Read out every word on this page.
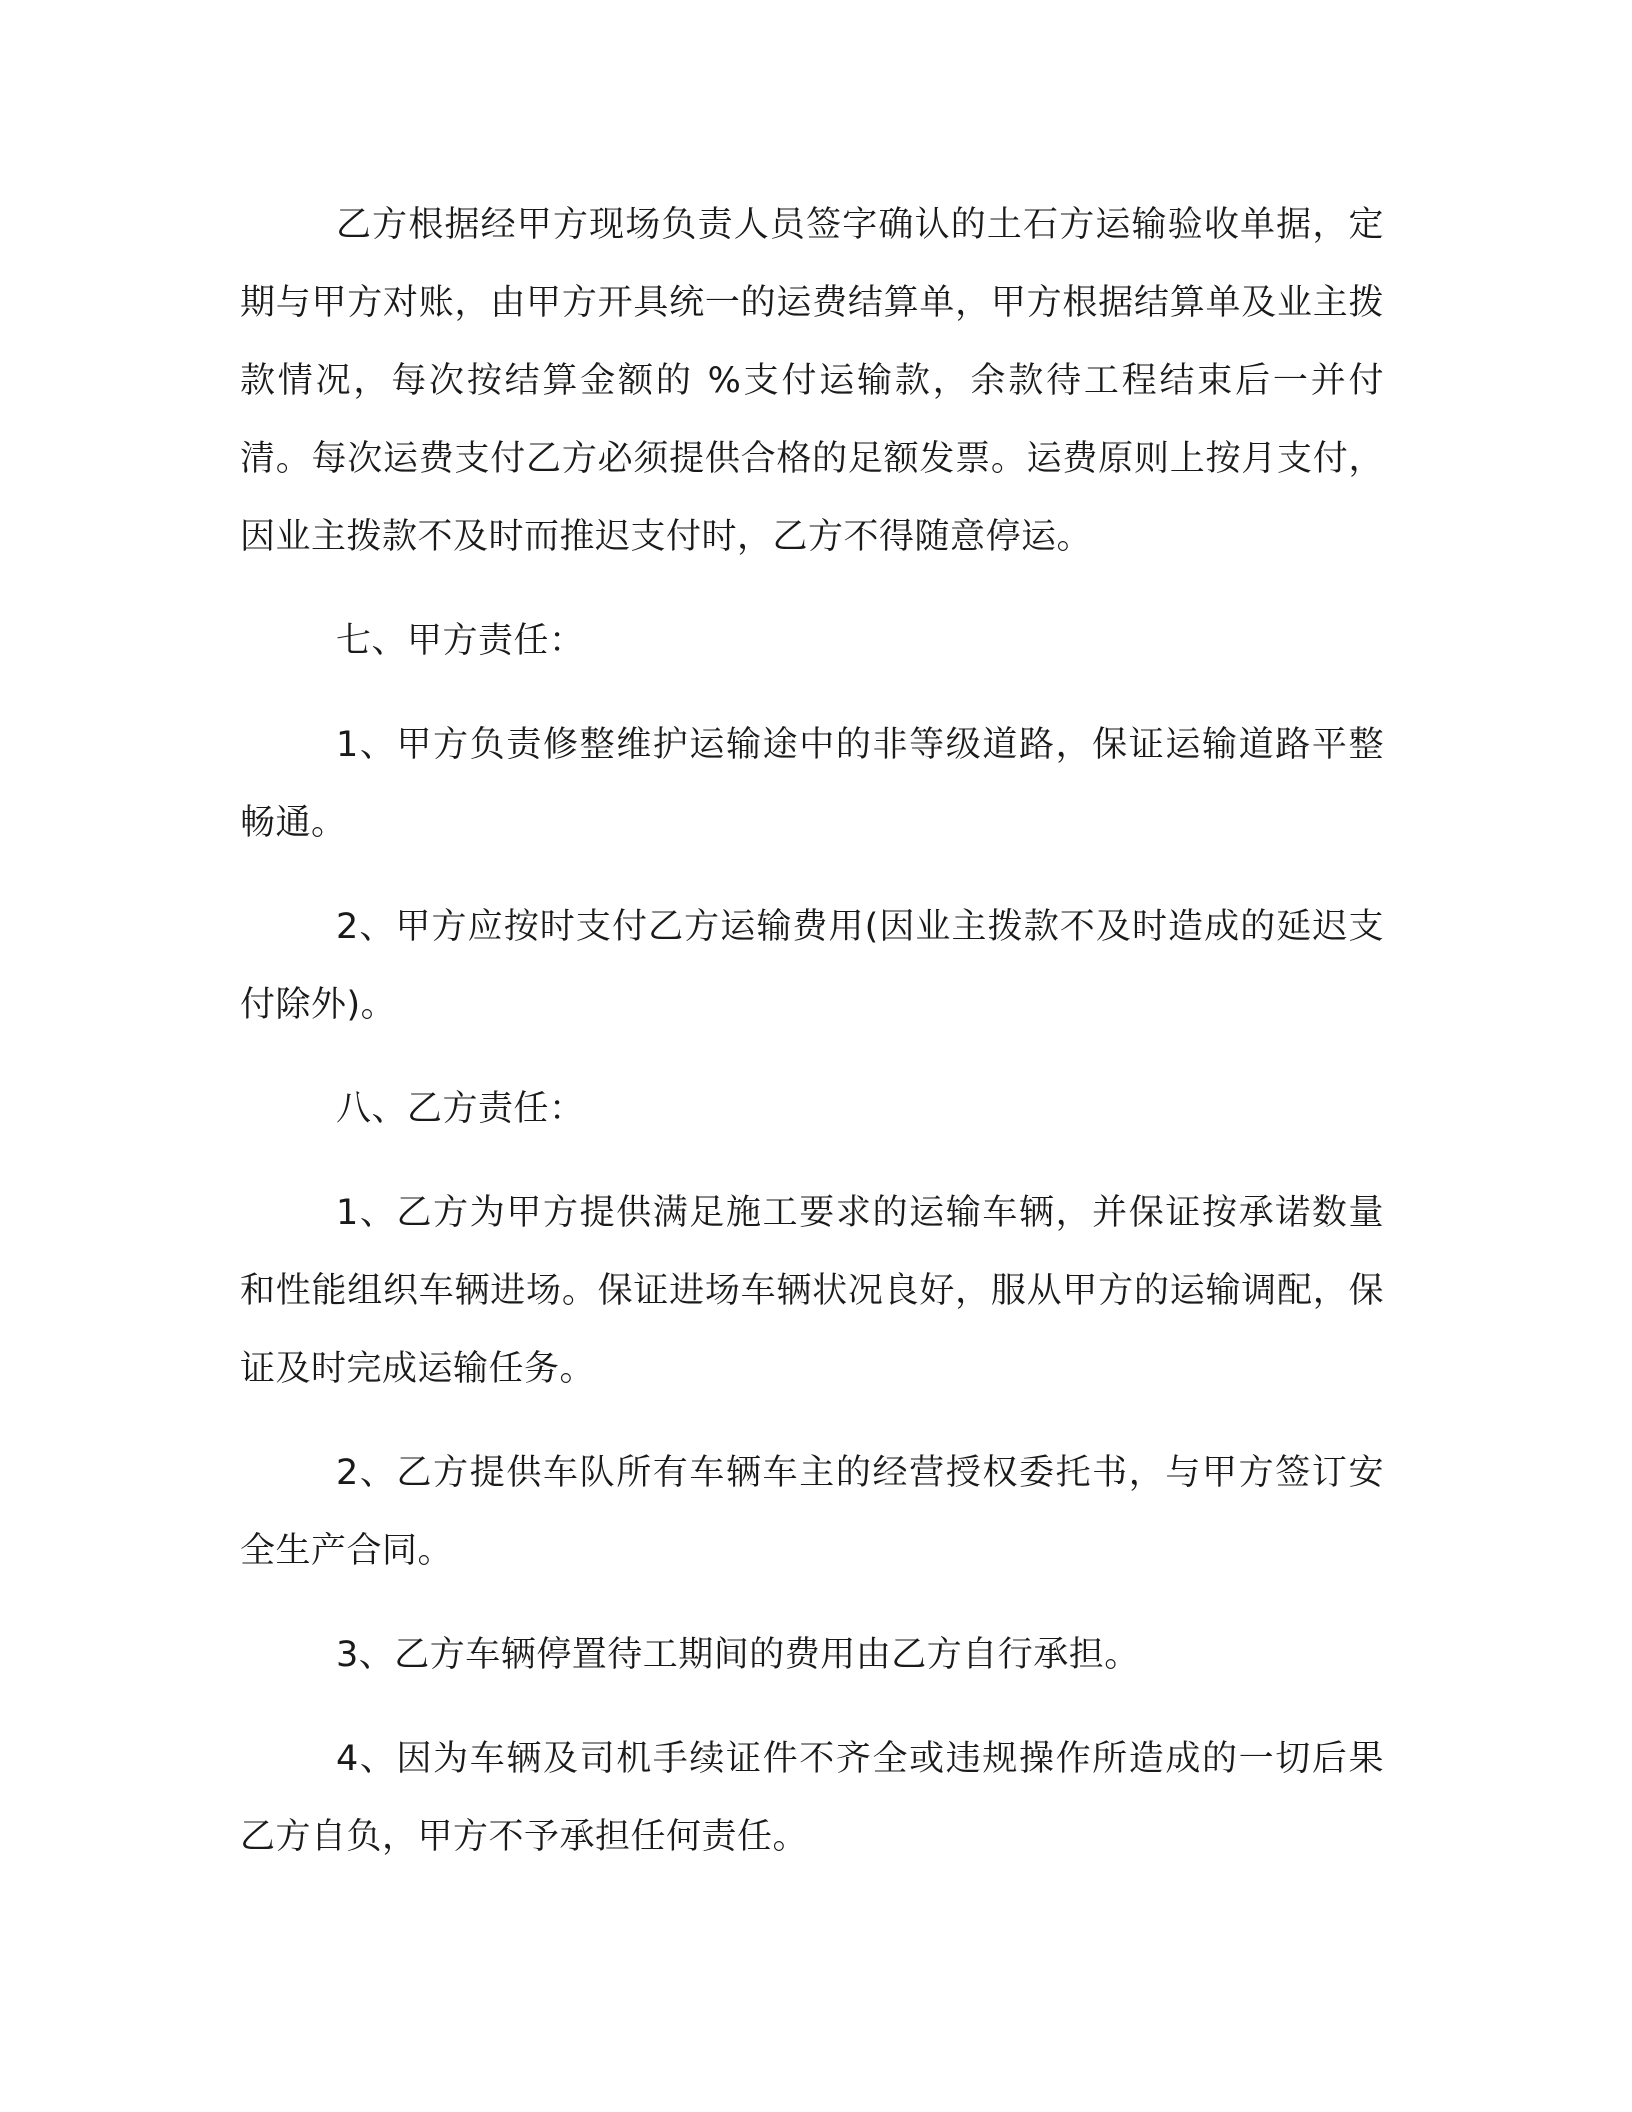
乙方根据经甲方现场负责人员签字确认的土石方运输验收单据，定期与甲方对账，由甲方开具统一的运费结算单，甲方根据结算单及业主拨款情况，每次按结算金额的 %支付运输款，余款待工程结束后一并付清。每次运费支付乙方必须提供合格的足额发票。运费原则上按月支付，因业主拨款不及时而推迟支付时，乙方不得随意停运。

七、甲方责任：

1、甲方负责修整维护运输途中的非等级道路，保证运输道路平整畅通。

2、甲方应按时支付乙方运输费用(因业主拨款不及时造成的延迟支付除外)。

八、乙方责任：

1、乙方为甲方提供满足施工要求的运输车辆，并保证按承诺数量和性能组织车辆进场。保证进场车辆状况良好，服从甲方的运输调配，保证及时完成运输任务。

2、乙方提供车队所有车辆车主的经营授权委托书，与甲方签订安全生产合同。

3、乙方车辆停置待工期间的费用由乙方自行承担。

4、因为车辆及司机手续证件不齐全或违规操作所造成的一切后果乙方自负，甲方不予承担任何责任。
